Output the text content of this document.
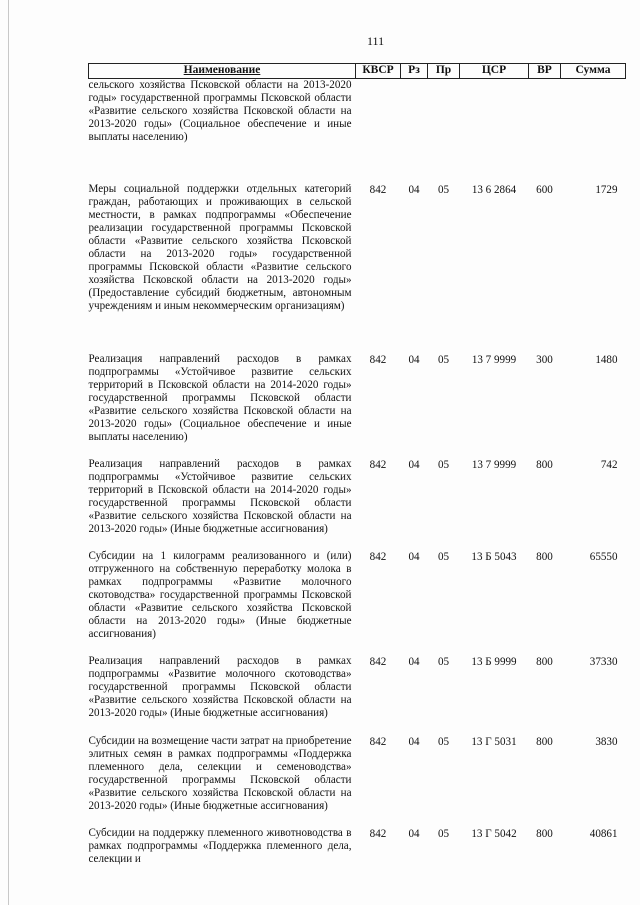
111
Наименование	КВСР	Рз	Пр	ЦСР	ВР	Сумма
сельского хозяйства Псковской области на 2013-2020 годы» государственной программы Псковской области «Развитие сельского хозяйства Псковской области на 2013-2020 годы» (Социальное обеспечение и иные выплаты населению)						
Меры социальной поддержки отдельных категорий граждан, работающих и проживающих в сельской местности, в рамках подпрограммы «Обеспечение реализации государственной программы Псковской области «Развитие сельского хозяйства Псковской области на 2013-2020 годы» государственной программы Псковской области «Развитие сельского хозяйства Псковской области на 2013-2020 годы» (Предоставление субсидий бюджетным, автономным учреждениям и иным некоммерческим организациям)	842	04	05	13 6 2864	600	1729
Реализация направлений расходов в рамках подпрограммы «Устойчивое развитие сельских территорий в Псковской области на 2014-2020 годы» государственной программы Псковской области «Развитие сельского хозяйства Псковской области на 2013-2020 годы» (Социальное обеспечение и иные выплаты населению)	842	04	05	13 7 9999	300	1480
Реализация направлений расходов в рамках подпрограммы «Устойчивое развитие сельских территорий в Псковской области на 2014-2020 годы» государственной программы Псковской области «Развитие сельского хозяйства Псковской области на 2013-2020 годы» (Иные бюджетные ассигнования)	842	04	05	13 7 9999	800	742
Субсидии на 1 килограмм реализованного и (или) отгруженного на собственную переработку молока в рамках подпрограммы «Развитие молочного скотоводства» государственной программы Псковской области «Развитие сельского хозяйства Псковской области на 2013-2020 годы» (Иные бюджетные ассигнования)	842	04	05	13 Б 5043	800	65550
Реализация направлений расходов в рамках подпрограммы «Развитие молочного скотоводства» государственной программы Псковской области «Развитие сельского хозяйства Псковской области на 2013-2020 годы» (Иные бюджетные ассигнования)	842	04	05	13 Б 9999	800	37330
Субсидии на возмещение части затрат на приобретение элитных семян в рамках подпрограммы «Поддержка племенного дела, селекции и семеноводства» государственной программы Псковской области «Развитие сельского хозяйства Псковской области на 2013-2020 годы» (Иные бюджетные ассигнования)	842	04	05	13 Г 5031	800	3830
Субсидии на поддержку племенного животноводства в рамках подпрограммы «Поддержка племенного дела, селекции и	842	04	05	13 Г 5042	800	40861
